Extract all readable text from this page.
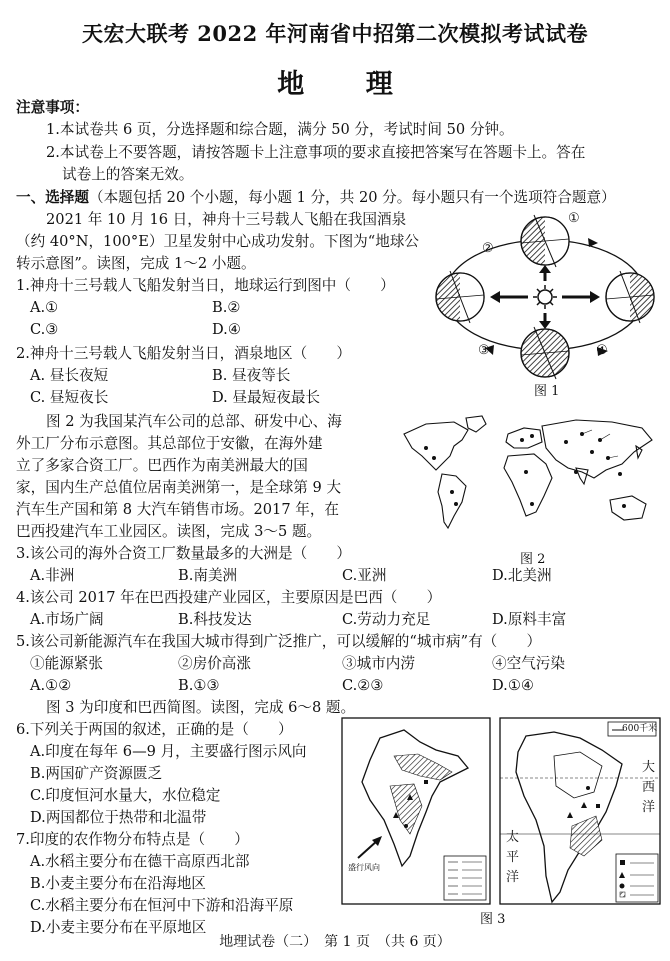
天宏大联考 2022 年河南省中招第二次模拟考试试卷
地 理
注意事项：
1.本试卷共 6 页，分选择题和综合题，满分 50 分，考试时间 50 分钟。
2.本试卷上不要答题，请按答题卡上注意事项的要求直接把答案写在答题卡上。答在
试卷上的答案无效。
一、选择题（本题包括 20 个小题，每小题 1 分，共 20 分。每小题只有一个选项符合题意）
2021 年 10 月 16 日，神舟十三号载人飞船在我国酒泉
（约 40°N，100°E）卫星发射中心成功发射。下图为“地球公
转示意图”。读图，完成 1～2 小题。
1.神舟十三号载人飞船发射当日，地球运行到图中（　　）
A.①	B.②
C.③	D.④
2.神舟十三号载人飞船发射当日，酒泉地区（　　）
A. 昼长夜短	B. 昼夜等长
C. 昼短夜长	D. 昼最短夜最长
②
③	④
①
图 1
图 2 为我国某汽车公司的总部、研发中心、海
外工厂分布示意图。其总部位于安徽，在海外建
立了多家合资工厂。巴西作为南美洲最大的国
家，国内生产总值位居南美洲第一，是全球第 9 大
汽车生产国和第 8 大汽车销售市场。2017 年，在
巴西投建汽车工业园区。读图，完成 3～5 题。
图 2
3.该公司的海外合资工厂数量最多的大洲是（　　）
A.非洲	B.南美洲	C.亚洲	D.北美洲
4.该公司 2017 年在巴西投建产业园区，主要原因是巴西（　　）
A.市场广阔	B.科技发达	C.劳动力充足	D.原料丰富
5.该公司新能源汽车在我国大城市得到广泛推广，可以缓解的“城市病”有（　　）
①能源紧张	②房价高涨	③城市内涝	④空气污染
A.①②	B.①③	C.②③	D.①④
图 3 为印度和巴西简图。读图，完成 6～8 题。
6.下列关于两国的叙述，正确的是（　　）
A.印度在每年 6—9 月，主要盛行图示风向
B.两国矿产资源匮乏
C.印度恒河水量大，水位稳定
D.两国都位于热带和北温带
7.印度的农作物分布特点是（　　）
A.水稻主要分布在德干高原西北部
B.小麦主要分布在沿海地区
C.水稻主要分布在恒河中下游和沿海平原
D.小麦主要分布在平原地区
600千米
大
西
洋
太
平
洋
盛行风向
图 3
地理试卷（二）　第 1 页　（共 6 页）
